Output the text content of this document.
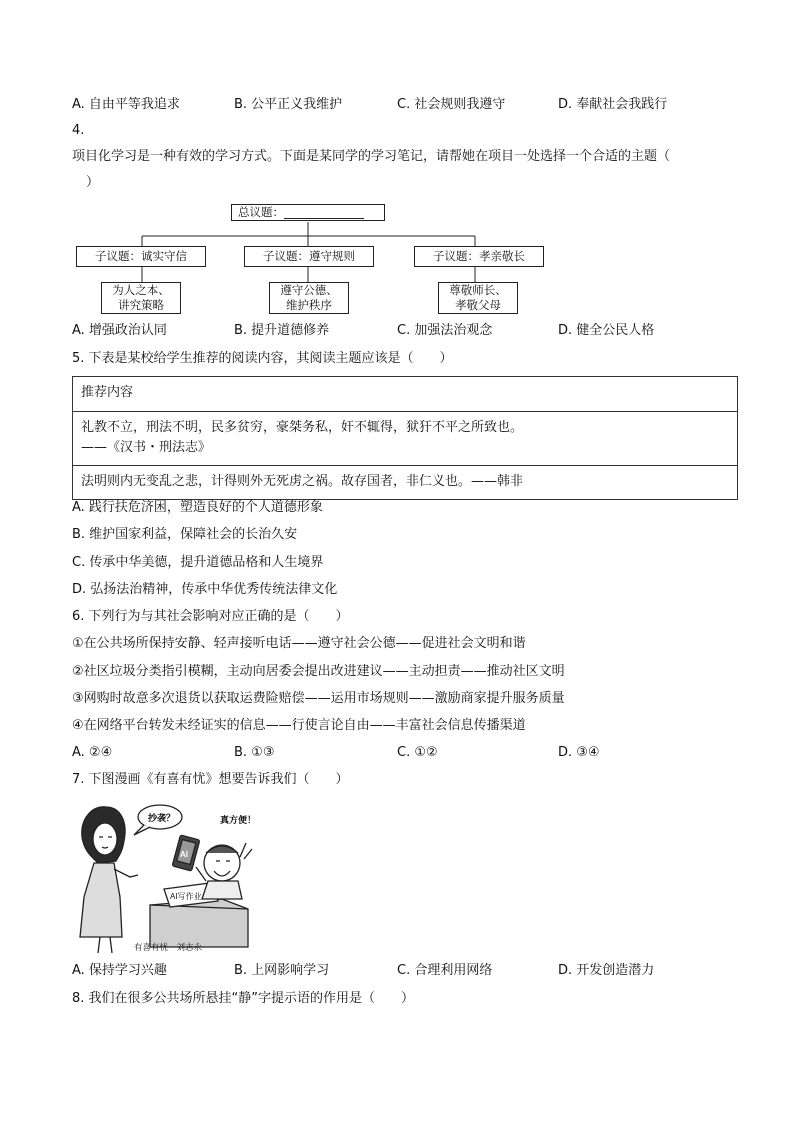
A. 自由平等我追求	B. 公平正义我维护	C. 社会规则我遵守	D. 奉献社会我践行
4.
项目化学习是一种有效的学习方式。下面是某同学的学习笔记，请帮她在项目一处选择一个合适的主题（
）
总议题：
子议题：诚实守信	子议题：遵守规则	子议题：孝亲敬长
为人之本、
讲究策略
遵守公德、
维护秩序
尊敬师长、
孝敬父母
A. 增强政治认同	B. 提升道德修养	C. 加强法治观念	D. 健全公民人格
5. 下表是某校给学生推荐的阅读内容，其阅读主题应该是（　　）
推荐内容
礼教不立，刑法不明，民多贫穷，豪桀务私，奸不辄得，狱犴不平之所致也。
——《汉书・刑法志》
法明则内无变乱之悲，计得则外无死虏之祸。故存国者，非仁义也。——韩非
A. 践行扶危济困，塑造良好的个人道德形象
B. 维护国家利益，保障社会的长治久安
C. 传承中华美德，提升道德品格和人生境界
D. 弘扬法治精神，传承中华优秀传统法律文化
6. 下列行为与其社会影响对应正确的是（　　）
①在公共场所保持安静、轻声接听电话——遵守社会公德——促进社会文明和谐
②社区垃圾分类指引模糊，主动向居委会提出改进建议——主动担责——推动社区文明
③网购时故意多次退货以获取运费险赔偿——运用市场规则——激励商家提升服务质量
④在网络平台转发未经证实的信息——行使言论自由——丰富社会信息传播渠道
A. ②④	B. ①③	C. ①②	D. ③④
7. 下图漫画《有喜有忧》想要告诉我们（　　）
抄袭？	真方便！
AI
AI写作业
有喜有忧　刘志永
A. 保持学习兴趣	B. 上网影响学习	C. 合理利用网络	D. 开发创造潜力
8. 我们在很多公共场所悬挂“静”字提示语的作用是（　　）
